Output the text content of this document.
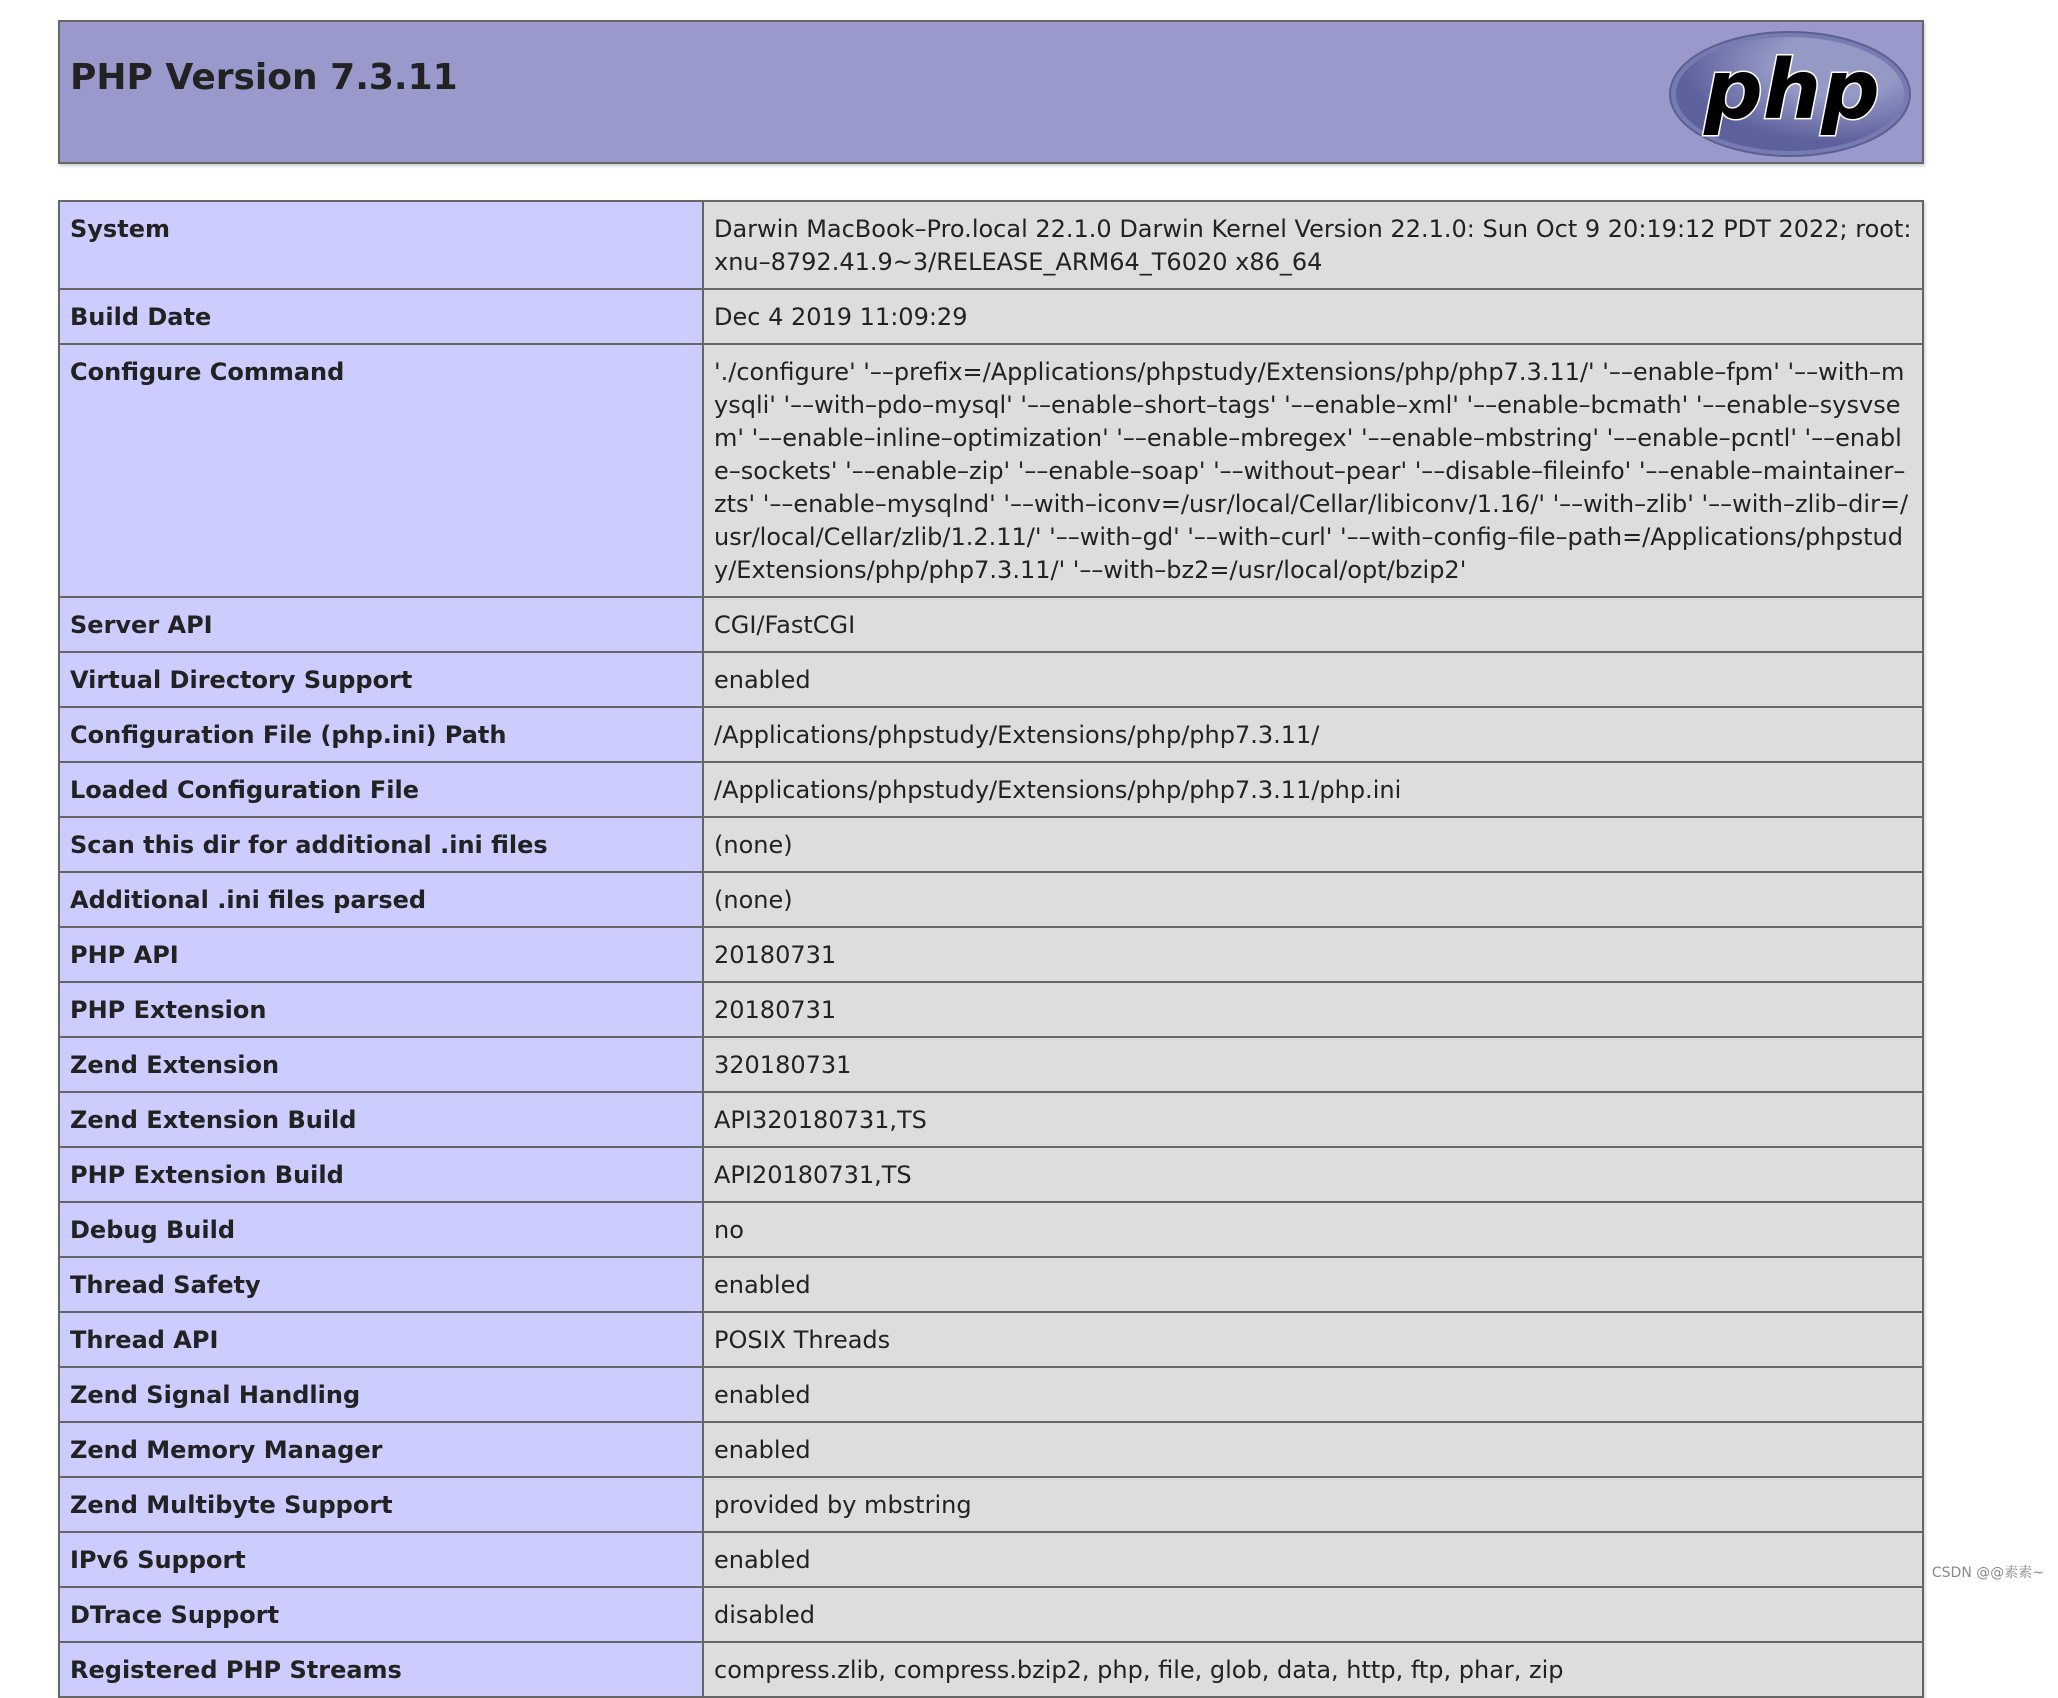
PHP Version 7.3.11	php
System	Darwin MacBook–Pro.local 22.1.0 Darwin Kernel Version 22.1.0: Sun Oct 9 20:19:12 PDT 2022; root:xnu–8792.41.9~3/RELEASE_ARM64_T6020 x86_64
Build Date	Dec 4 2019 11:09:29
Configure Command	'./configure' '––prefix=/Applications/phpstudy/Extensions/php/php7.3.11/' '––enable–fpm' '––with–mysqli' '––with–pdo–mysql' '––enable–short–tags' '––enable–xml' '––enable–bcmath' '––enable–sysvsem' '––enable–inline–optimization' '––enable–mbregex' '––enable–mbstring' '––enable–pcntl' '––enable–sockets' '––enable–zip' '––enable–soap' '––without–pear' '––disable–fileinfo' '––enable–maintainer–zts' '––enable–mysqlnd' '––with–iconv=/usr/local/Cellar/libiconv/1.16/' '––with–zlib' '––with–zlib–dir=/usr/local/Cellar/zlib/1.2.11/' '––with–gd' '––with–curl' '––with–config–file–path=/Applications/phpstudy/Extensions/php/php7.3.11/' '––with–bz2=/usr/local/opt/bzip2'
Server API	CGI/FastCGI
Virtual Directory Support	enabled
Configuration File (php.ini) Path	/Applications/phpstudy/Extensions/php/php7.3.11/
Loaded Configuration File	/Applications/phpstudy/Extensions/php/php7.3.11/php.ini
Scan this dir for additional .ini files	(none)
Additional .ini files parsed	(none)
PHP API	20180731
PHP Extension	20180731
Zend Extension	320180731
Zend Extension Build	API320180731,TS
PHP Extension Build	API20180731,TS
Debug Build	no
Thread Safety	enabled
Thread API	POSIX Threads
Zend Signal Handling	enabled
Zend Memory Manager	enabled
Zend Multibyte Support	provided by mbstring
IPv6 Support	enabled
DTrace Support	disabled
Registered PHP Streams	compress.zlib, compress.bzip2, php, file, glob, data, http, ftp, phar, zip
CSDN @@素素~
